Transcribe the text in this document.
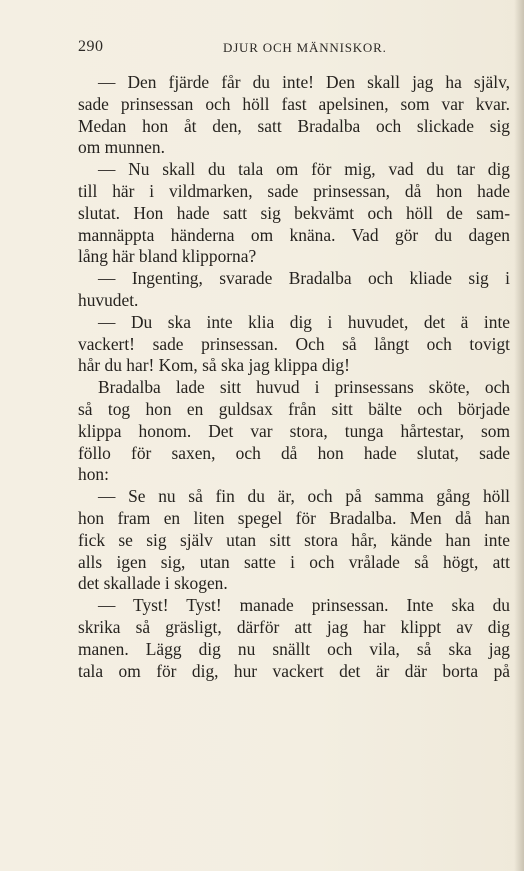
290	DJUR OCH MÄNNISKOR.
— Den fjärde får du inte! Den skall jag ha själv,
sade prinsessan och höll fast apelsinen, som var kvar.
Medan hon åt den, satt Bradalba och slickade sig
om munnen.
— Nu skall du tala om för mig, vad du tar dig
till här i vildmarken, sade prinsessan, då hon hade
slutat. Hon hade satt sig bekvämt och höll de sam-
mannäppta händerna om knäna. Vad gör du dagen
lång här bland klipporna?
— Ingenting, svarade Bradalba och kliade sig i
huvudet.
— Du ska inte klia dig i huvudet, det ä inte
vackert! sade prinsessan. Och så långt och tovigt
hår du har! Kom, så ska jag klippa dig!
Bradalba lade sitt huvud i prinsessans sköte, och
så tog hon en guldsax från sitt bälte och började
klippa honom. Det var stora, tunga hårtestar, som
föllo för saxen, och då hon hade slutat, sade
hon:
— Se nu så fin du är, och på samma gång höll
hon fram en liten spegel för Bradalba. Men då han
fick se sig själv utan sitt stora hår, kände han inte
alls igen sig, utan satte i och vrålade så högt, att
det skallade i skogen.
— Tyst! Tyst! manade prinsessan. Inte ska du
skrika så gräsligt, därför att jag har klippt av dig
manen. Lägg dig nu snällt och vila, så ska jag
tala om för dig, hur vackert det är där borta på
